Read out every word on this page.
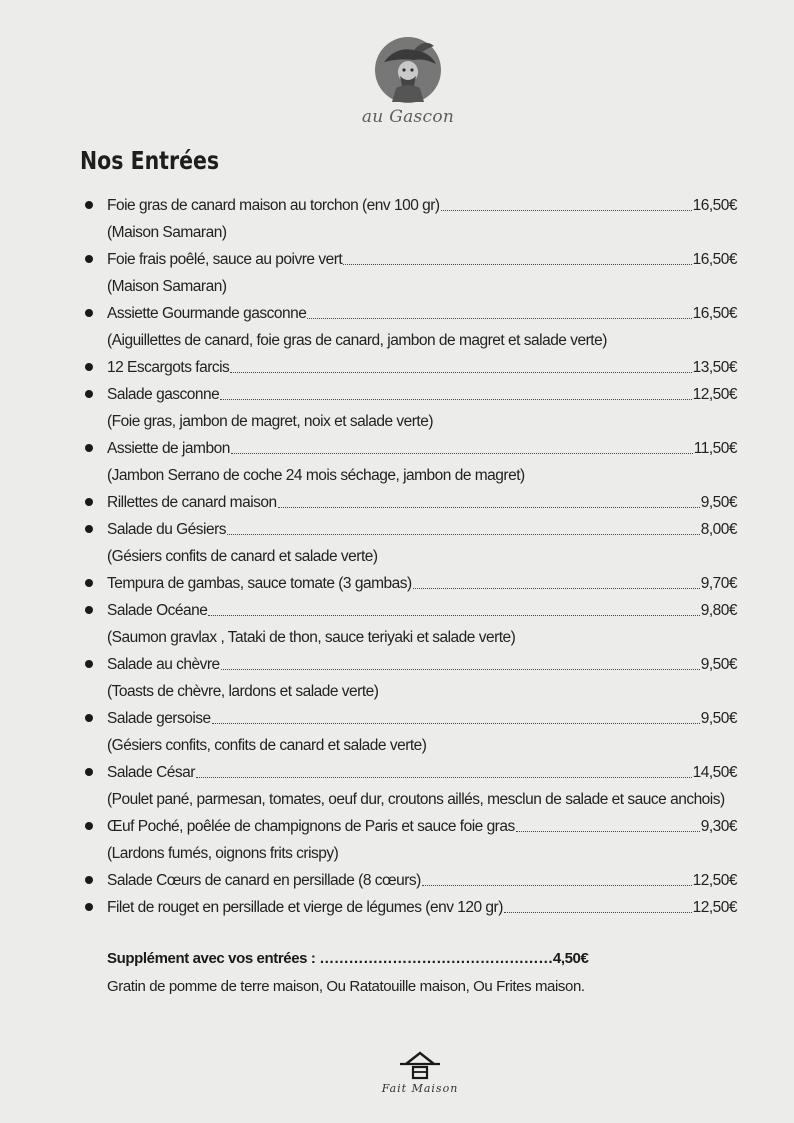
au Gascon
Nos Entrées
Foie gras de canard maison au torchon (env 100 gr)	16,50€
(Maison Samaran)
Foie frais poêlé, sauce au poivre vert	16,50€
(Maison Samaran)
Assiette Gourmande gasconne	16,50€
(Aiguillettes de canard, foie gras de canard, jambon de magret et salade verte)
12 Escargots farcis	13,50€
Salade gasconne	12,50€
(Foie gras, jambon de magret, noix et salade verte)
Assiette de jambon	11,50€
(Jambon Serrano de coche 24 mois séchage, jambon de magret)
Rillettes de canard maison	9,50€
Salade du Gésiers	8,00€
(Gésiers confits de canard et salade verte)
Tempura de gambas, sauce tomate (3 gambas)	9,70€
Salade Océane	9,80€
(Saumon gravlax , Tataki de thon, sauce teriyaki et salade verte)
Salade au chèvre	9,50€
(Toasts de chèvre, lardons et salade verte)
Salade gersoise	9,50€
(Gésiers confits, confits de canard et salade verte)
Salade César	14,50€
(Poulet pané, parmesan, tomates, oeuf dur, croutons aillés, mesclun de salade et sauce anchois)
Œuf Poché, poêlée de champignons de Paris et sauce foie gras	9,30€
(Lardons fumés, oignons frits crispy)
Salade Cœurs de canard en persillade (8 cœurs)	12,50€
Filet de rouget en persillade et vierge de légumes (env 120 gr)	12,50€
Supplément avec vos entrées : …………………………………………4,50€
Gratin de pomme de terre maison, Ou Ratatouille maison, Ou Frites maison.
Fait Maison
